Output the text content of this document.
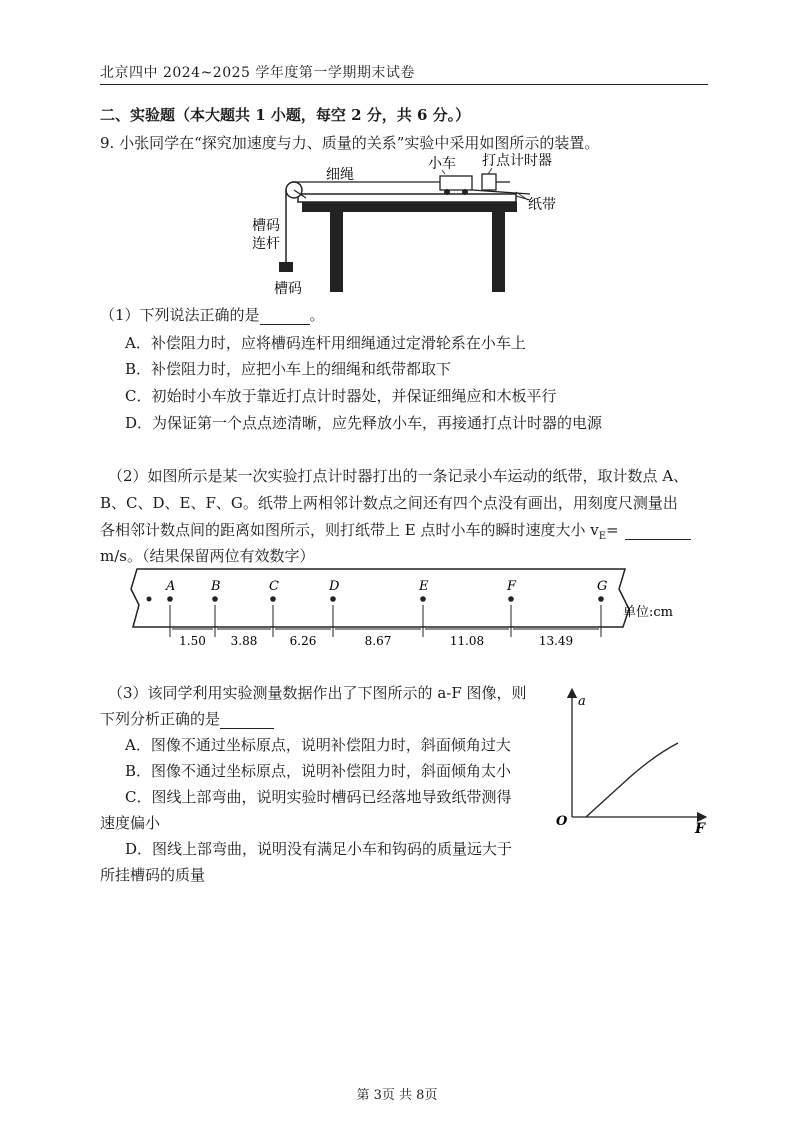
北京四中 2024~2025 学年度第一学期期末试卷
二、实验题（本大题共 1 小题，每空 2 分，共 6 分。）
9. 小张同学在“探究加速度与力、质量的关系”实验中采用如图所示的装置。
细绳
小车 打点计时器
纸带
槽码
连杆
槽码
（1）下列说法正确的是	。
A．补偿阻力时，应将槽码连杆用细绳通过定滑轮系在小车上
B．补偿阻力时，应把小车上的细绳和纸带都取下
C．初始时小车放于靠近打点计时器处，并保证细绳应和木板平行
D．为保证第一个点点迹清晰，应先释放小车，再接通打点计时器的电源
（2）如图所示是某一次实验打点计时器打出的一条记录小车运动的纸带，取计数点 A、
B、C、D、E、F、G。纸带上两相邻计数点之间还有四个点没有画出，用刻度尺测量出
各相邻计数点间的距离如图所示，则打纸带上 E 点时小车的瞬时速度大小 $v_E=$
m/s。（结果保留两位有效数字）
A	B	C	D	E	F	G
1.50 3.88	6.26	8.67	11.08	13.49
单位:cm
（3）该同学利用实验测量数据作出了下图所示的 a-F 图像，则
下列分析正确的是
A．图像不通过坐标原点，说明补偿阻力时，斜面倾角过大
B．图像不通过坐标原点，说明补偿阻力时，斜面倾角太小
C．图线上部弯曲，说明实验时槽码已经落地导致纸带测得
速度偏小
D．图线上部弯曲，说明没有满足小车和钩码的质量远大于
所挂槽码的质量
a
F
O
第 3页 共 8页
